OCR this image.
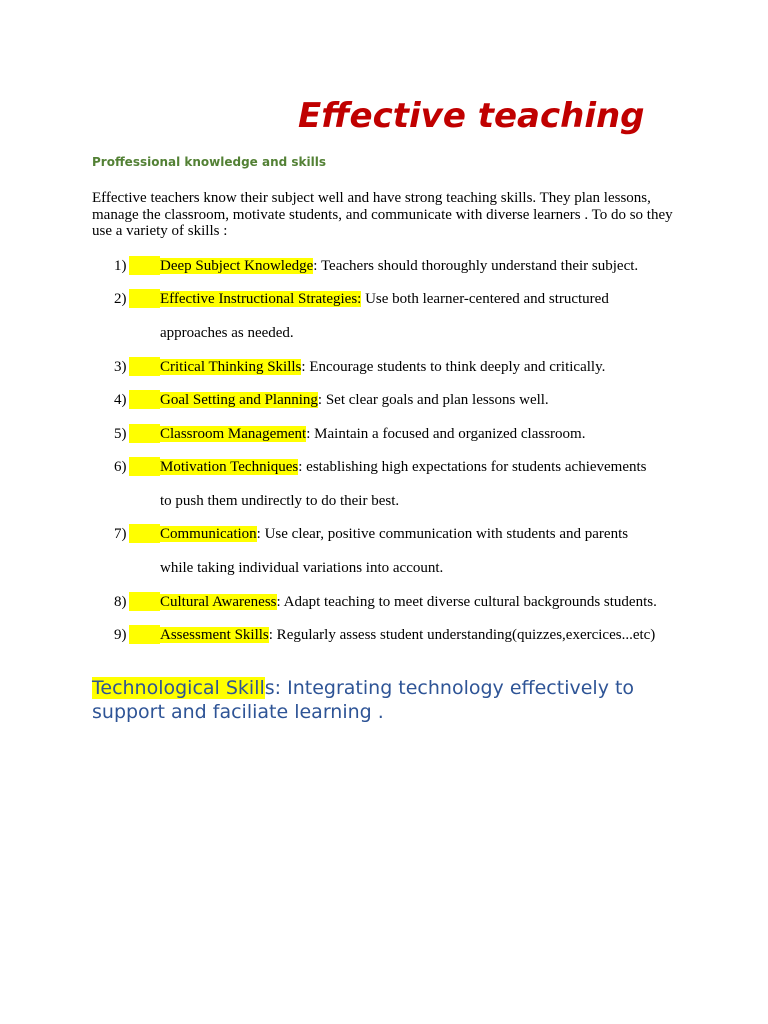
Effective teaching
Proffessional knowledge and skills
Effective teachers know their subject well and have strong teaching skills. They plan lessons, manage the classroom, motivate students, and communicate with diverse learners . To do so they use a variety of skills :
1) Deep Subject Knowledge: Teachers should thoroughly understand their subject.
2) Effective Instructional Strategies: Use both learner-centered and structured
approaches as needed.
3) Critical Thinking Skills: Encourage students to think deeply and critically.
4) Goal Setting and Planning: Set clear goals and plan lessons well.
5) Classroom Management: Maintain a focused and organized classroom.
6) Motivation Techniques: establishing high expectations for students achievements
to push them undirectly to do their best.
7) Communication: Use clear, positive communication with students and parents
while taking individual variations into account.
8) Cultural Awareness: Adapt teaching to meet diverse cultural backgrounds students.
9) Assessment Skills: Regularly assess student understanding(quizzes,exercices...etc)
Technological Skills: Integrating technology effectively to support and faciliate learning .
